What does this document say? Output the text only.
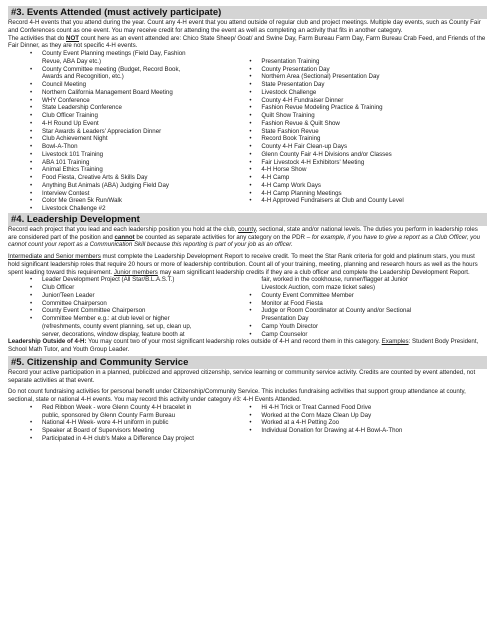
#3. Events Attended (must actively participate)

Record 4-H events that you attend during the year. Count any 4-H event that you attend outside of regular club and project meetings. Multiple day events, such as County Fair and Conferences count as one event. You may receive credit for attending the event as well as completing an activity that fits in another category.

The activities that do NOT count here as an event attended are: Chico State Sheep/ Goat/ and Swine Day, Farm Bureau Farm Day, Farm Bureau Crab Feed, and Friends of the Fair Dinner, as they are not specific 4-H events.

• County Event Planning meetings (Field Day, Fashion
Revue, ABA Day etc.)
• County Committee meeting (Budget, Record Book,
Awards and Recognition, etc.)
• Council Meeting
• Northern California Management Board Meeting
• WHY Conference
• State Leadership Conference
• Club Officer Training
• 4-H Round Up Event
• Star Awards & Leaders' Appreciation Dinner
• Club Achievement Night
• Bowl-A-Thon
• Livestock 101 Training
• ABA 101 Training
• Animal Ethics Training
• Food Fiesta, Creative Arts & Skills Day
• Anything But Animals (ABA) Judging Field Day
• Interview Contest
• Color Me Green 5k Run/Walk
• Livestock Challenge #2

• Presentation Training
• County Presentation Day
• Northern Area (Sectional) Presentation Day
• State Presentation Day
• Livestock Challenge
• County 4-H Fundraiser Dinner
• Fashion Revue Modeling Practice & Training
• Quilt Show Training
• Fashion Revue & Quilt Show
• State Fashion Revue
• Record Book Training
• County 4-H Fair Clean-up Days
• Glenn County Fair 4-H Divisions and/or Classes
• Fair Livestock 4-H Exhibitors' Meeting
• 4-H Horse Show
• 4-H Camp
• 4-H Camp Work Days
• 4-H Camp Planning Meetings
• 4-H Approved Fundraisers at Club and County Level
#4. Leadership Development

Record each project that you lead and each leadership position you hold at the club, county, sectional, state and/or national levels. The duties you perform in leadership roles are considered part of the position and cannot be counted as separate activities for any category on the PDR – for example, if you have to give a report as a Club Officer, you cannot count your report as a Communication Skill because this reporting is part of your job as an officer.

Intermediate and Senior members must complete the Leadership Development Report to receive credit. To meet the Star Rank criteria for gold and platinum stars, you must hold significant leadership roles that require 20 hours or more of leadership contribution. Count all of your training, meeting, planning and research hours as well as the hours spent leading toward this requirement. Junior members may earn significant leadership credits if they are a club officer and complete the Leadership Development Report.

• Leader Development Project (All Star/B.L.A.S.T.)
• Club Officer
• Junior/Teen Leader
• Committee Chairperson
• County Event Committee Chairperson
• Committee Member e.g.: at club level or higher
(refreshments, county event planning, set up, clean up,
server, decorations, window display, feature booth at
fair, worked in the cookhouse, runner/flagger at Junior
Livestock Auction, corn maze ticket sales)
• County Event Committee Member
• Monitor at Food Fiesta
• Judge or Room Coordinator at County and/or Sectional
Presentation Day
• Camp Youth Director
• Camp Counselor

Leadership Outside of 4-H: You may count two of your most significant leadership roles outside of 4-H and record them in this category. Examples: Student Body President, School Math Tutor, and Youth Group Leader.

#5. Citizenship and Community Service

Record your active participation in a planned, publicized and approved citizenship, service learning or community service activity. Credits are counted by event attended, not separate activities at that event.

Do not count fundraising activities for personal benefit under Citizenship/Community Service. This includes fundraising activities that support group attendance at county, sectional, state or national 4-H events. You may record this activity under category #3: 4-H Events Attended.

• Red Ribbon Week - wore Glenn County 4-H bracelet in
public, sponsored by Glenn County Farm Bureau
• National 4-H Week- wore 4-H uniform in public
• Speaker at Board of Supervisors Meeting
• Participated in 4-H club's Make a Difference Day project
• Hi 4-H Trick or Treat Canned Food Drive
• Worked at the Corn Maze Clean Up Day
• Worked at a 4-H Petting Zoo
• Individual Donation for Drawing at 4-H Bowl-A-Thon
